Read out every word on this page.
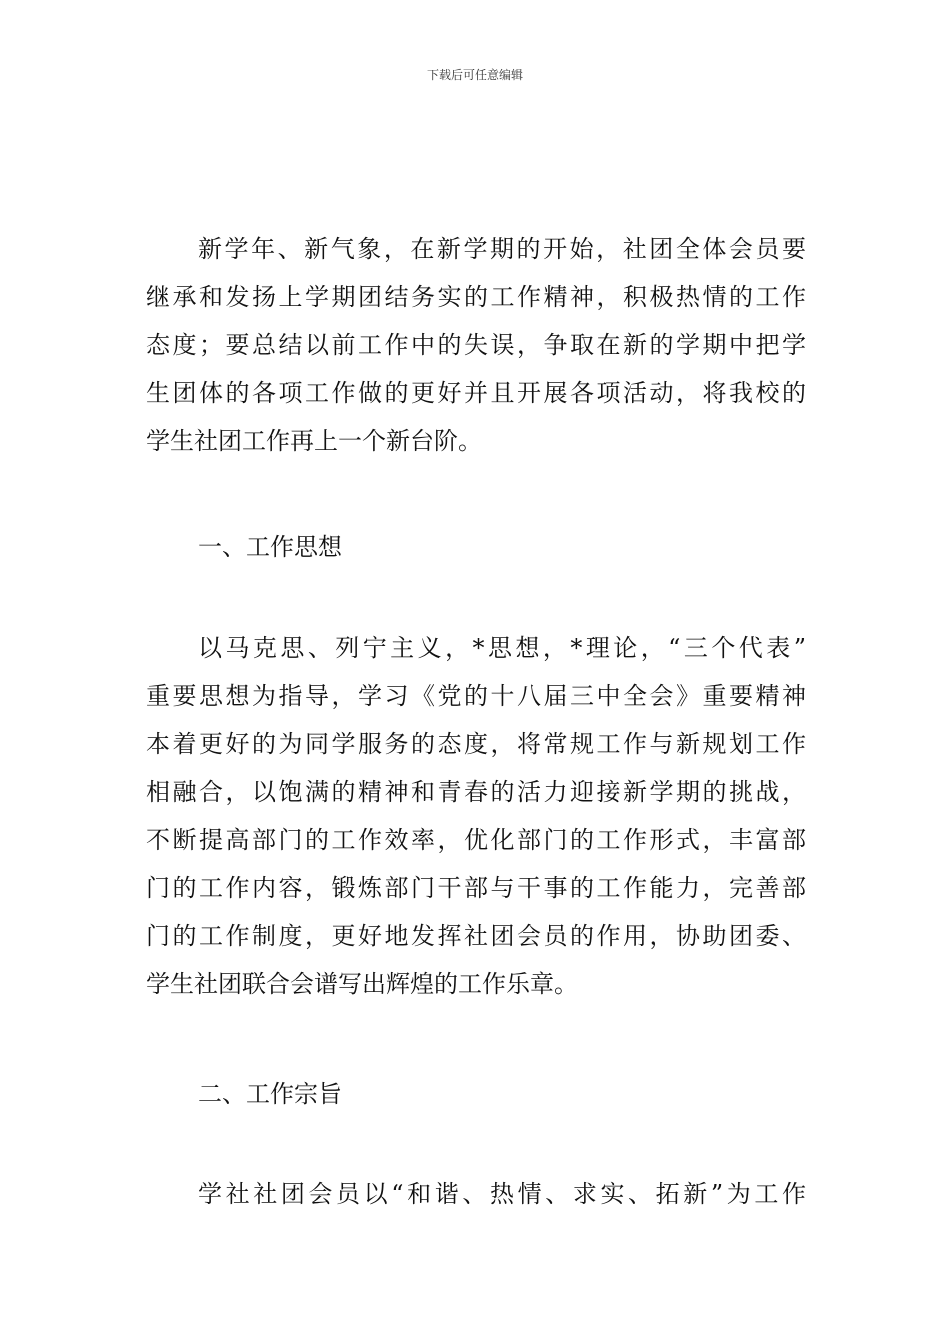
下载后可任意编辑
新学年、新气象，在新学期的开始，社团全体会员要
继承和发扬上学期团结务实的工作精神，积极热情的工作
态度；要总结以前工作中的失误，争取在新的学期中把学
生团体的各项工作做的更好并且开展各项活动，将我校的
学生社团工作再上一个新台阶。
一、工作思想
以马克思、列宁主义，*思想，*理论，“三个代表”
重要思想为指导，学习《党的十八届三中全会》重要精神
本着更好的为同学服务的态度，将常规工作与新规划工作
相融合，以饱满的精神和青春的活力迎接新学期的挑战，
不断提高部门的工作效率，优化部门的工作形式，丰富部
门的工作内容，锻炼部门干部与干事的工作能力，完善部
门的工作制度，更好地发挥社团会员的作用，协助团委、
学生社团联合会谱写出辉煌的工作乐章。
二、工作宗旨
学社社团会员以“和谐、热情、求实、拓新”为工作
